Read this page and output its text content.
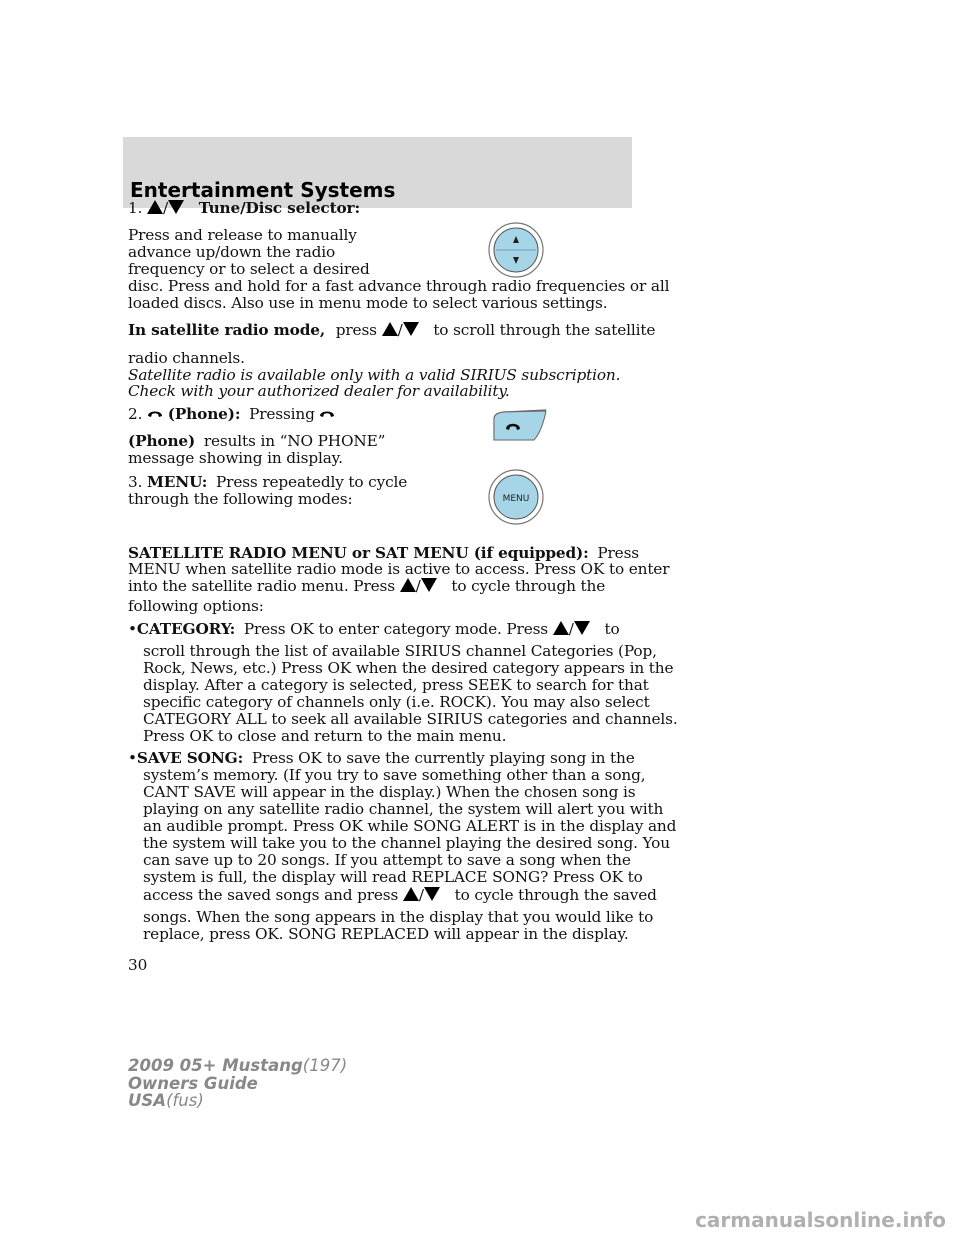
Entertainment Systems
1. / Tune/Disc selector:
Press and release to manually
advance up/down the radio
frequency or to select a desired
disc. Press and hold for a fast advance through radio frequencies or all
loaded discs. Also use in menu mode to select various settings.
In satellite radio mode, press / to scroll through the satellite
radio channels.
Satellite radio is available only with a valid SIRIUS subscription.
Check with your authorized dealer for availability.
2. (Phone): Pressing
(Phone) results in “NO PHONE”
message showing in display.
3. MENU: Press repeatedly to cycle
through the following modes:	MENU
SATELLITE RADIO MENU or SAT MENU (if equipped): Press
MENU when satellite radio mode is active to access. Press OK to enter
into the satellite radio menu. Press / to cycle through the
following options:
•CATEGORY: Press OK to enter category mode. Press / to
scroll through the list of available SIRIUS channel Categories (Pop,
Rock, News, etc.) Press OK when the desired category appears in the
display. After a category is selected, press SEEK to search for that
specific category of channels only (i.e. ROCK). You may also select
CATEGORY ALL to seek all available SIRIUS categories and channels.
Press OK to close and return to the main menu.
•SAVE SONG: Press OK to save the currently playing song in the
system’s memory. (If you try to save something other than a song,
CANT SAVE will appear in the display.) When the chosen song is
playing on any satellite radio channel, the system will alert you with
an audible prompt. Press OK while SONG ALERT is in the display and
the system will take you to the channel playing the desired song. You
can save up to 20 songs. If you attempt to save a song when the
system is full, the display will read REPLACE SONG? Press OK to
access the saved songs and press / to cycle through the saved
songs. When the song appears in the display that you would like to
replace, press OK. SONG REPLACED will appear in the display.
30
2009 05+ Mustang(197)
Owners Guide
USA(fus)
carmanualsonline.info
